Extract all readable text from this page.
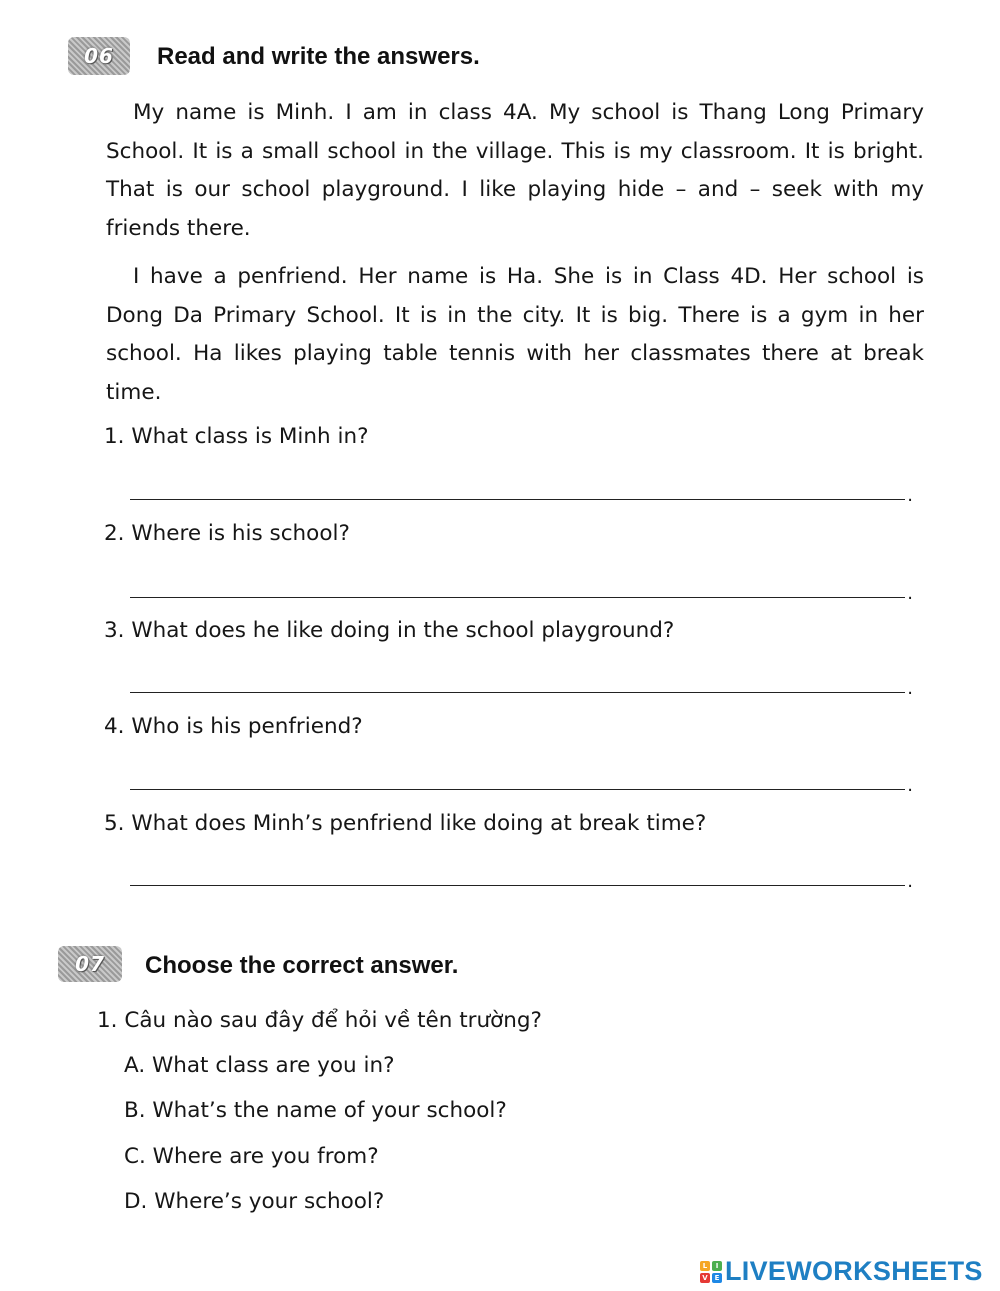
06 Read and write the answers.

My name is Minh. I am in class 4A. My school is Thang Long Primary School. It is a small school in the village. This is my classroom. It is bright. That is our school playground. I like playing hide – and – seek with my friends there.

I have a penfriend. Her name is Ha. She is in Class 4D. Her school is Dong Da Primary School. It is in the city. It is big. There is a gym in her school. Ha likes playing table tennis with her classmates there at break time.

1. What class is Minh in?
.
2. Where is his school?
.
3. What does he like doing in the school playground?
.
4. Who is his penfriend?
.
5. What does Minh’s penfriend like doing at break time?
.
07 Choose the correct answer.
1. Câu nào sau đây để hỏi về tên trường?
A. What class are you in?
B. What’s the name of your school?
C. Where are you from?
D. Where’s your school?
L	I
V E LIVEWORKSHEETS
